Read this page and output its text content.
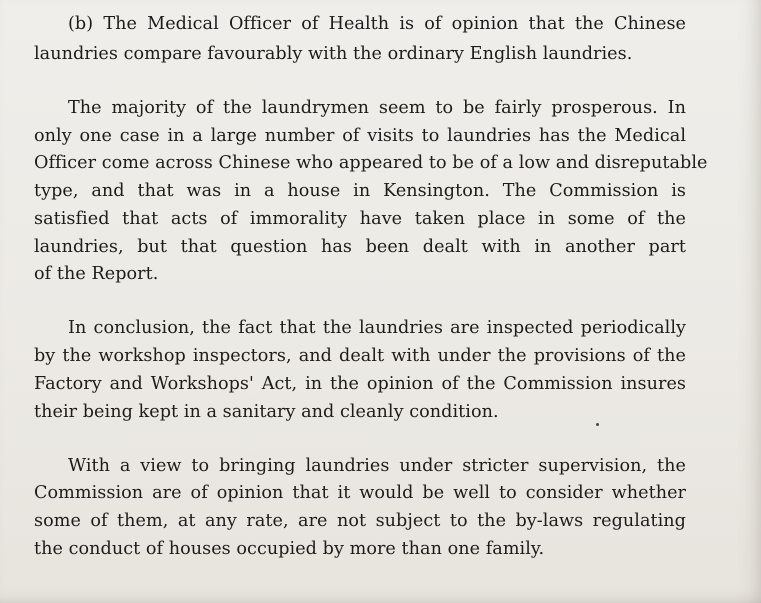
(b) The Medical Officer of Health is of opinion that the Chinese
laundries compare favourably with the ordinary English laundries.
The majority of the laundrymen seem to be fairly prosperous. In
only one case in a large number of visits to laundries has the Medical
Officer come across Chinese who appeared to be of a low and disreputable
type, and that was in a house in Kensington. The Commission is
satisfied that acts of immorality have taken place in some of the
laundries, but that question has been dealt with in another part
of the Report.
In conclusion, the fact that the laundries are inspected periodically
by the workshop inspectors, and dealt with under the provisions of the
Factory and Workshops' Act, in the opinion of the Commission insures
their being kept in a sanitary and cleanly condition.
With a view to bringing laundries under stricter supervision, the
Commission are of opinion that it would be well to consider whether
some of them, at any rate, are not subject to the by-laws regulating
the conduct of houses occupied by more than one family.
